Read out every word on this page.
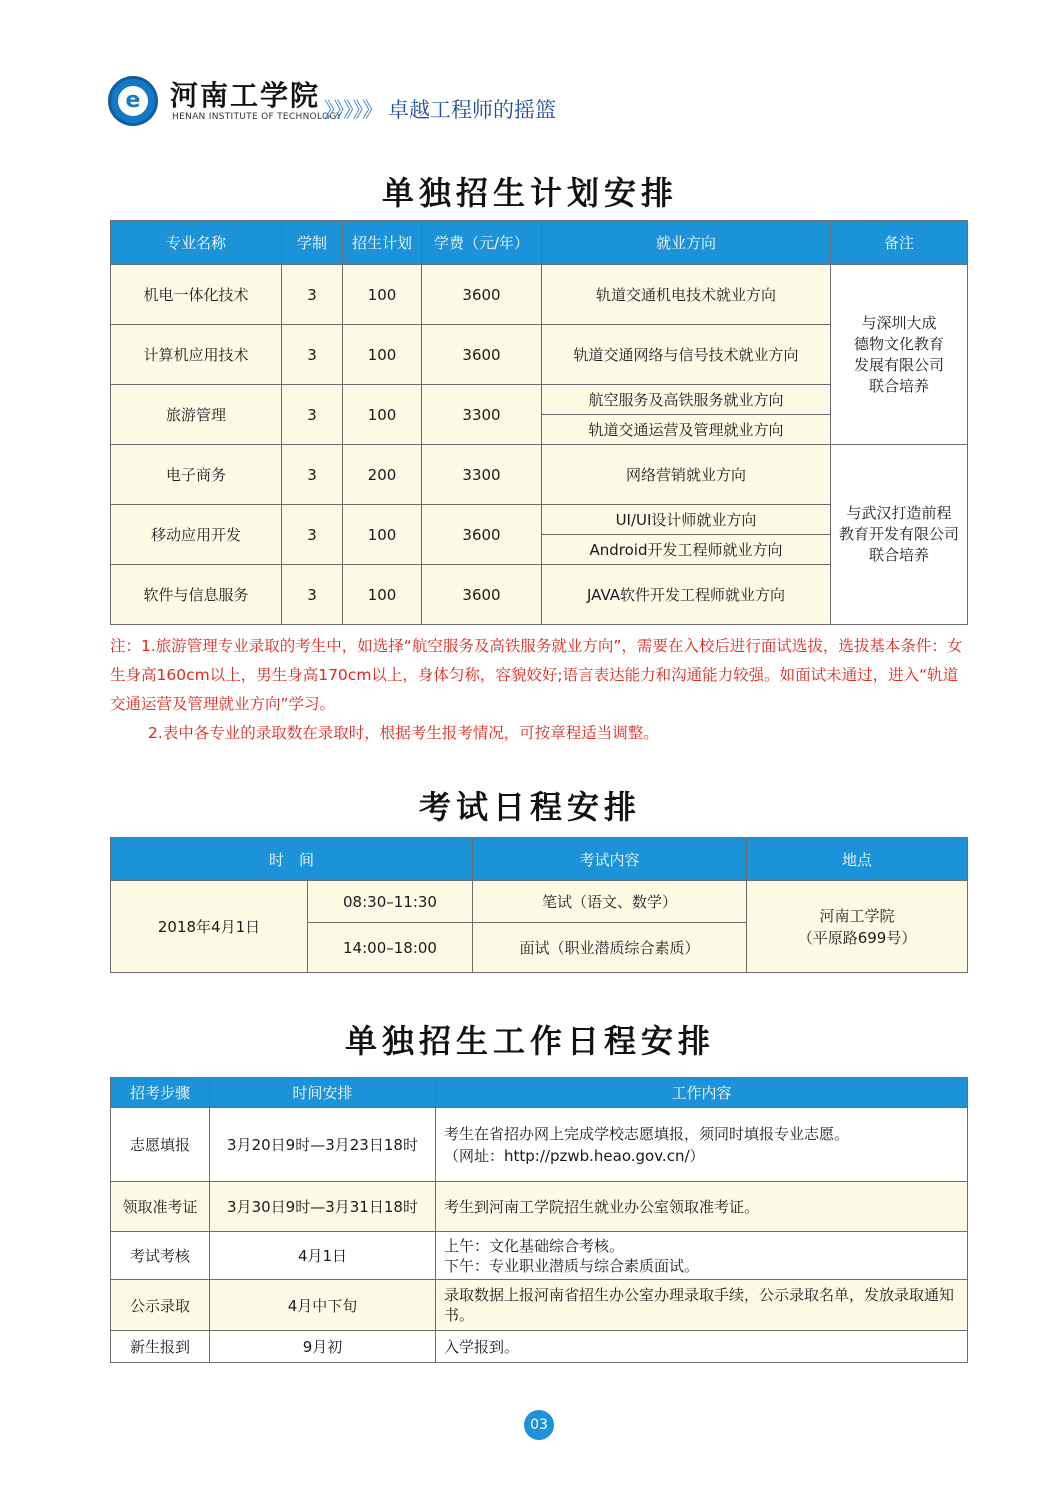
e 河南工学院
HENAN INSTITUTE OF TECHNOLOGY
》》》》》 卓越工程师的摇篮
单独招生计划安排
专业名称	学制	招生计划	学费（元/年）	就业方向	备注
机电一体化技术	3	100	3600	轨道交通机电技术就业方向	与深圳大成
德物文化教育
发展有限公司
联合培养

计算机应用技术	3	100	3600	轨道交通网络与信号技术就业方向	
旅游管理	3	100	3300	航空服务及高铁服务就业方向	
				轨道交通运营及管理就业方向	
电子商务	3	200	3300	网络营销就业方向	与武汉打造前程
教育开发有限公司
联合培养

移动应用开发	3	100	3600	UI/UI设计师就业方向	
				Android开发工程师就业方向	
软件与信息服务	3	100	3600	JAVA软件开发工程师就业方向	

注：1.旅游管理专业录取的考生中，如选择“航空服务及高铁服务就业方向”，需要在入校后进行面试选拔，选拔基本条件：女生身高160cm以上，男生身高170cm以上，身体匀称，容貌姣好;语言表达能力和沟通能力较强。如面试未通过，进入“轨道交通运营及管理就业方向”学习。

2.表中各专业的录取数在录取时，根据考生报考情况，可按章程适当调整。

考试日程安排
时　间		考试内容	地点
2018年4月1日	08:30–11:30	笔试（语文、数学）	河南工学院
（平原路699号）

	14:00–18:00	面试（职业潜质综合素质）	
单独招生工作日程安排
招考步骤	时间安排	工作内容
志愿填报	3月20日9时—3月23日18时	考生在省招办网上完成学校志愿填报，须同时填报专业志愿。
（网址：http://pzwb.heao.gov.cn/）

领取准考证	3月30日9时—3月31日18时	考生到河南工学院招生就业办公室领取准考证。
考试考核	4月1日	上午：文化基础综合考核。
下午：专业职业潜质与综合素质面试。

公示录取	4月中下旬	录取数据上报河南省招生办公室办理录取手续，公示录取名单，发放录取通知书。
新生报到	9月初	入学报到。
03
